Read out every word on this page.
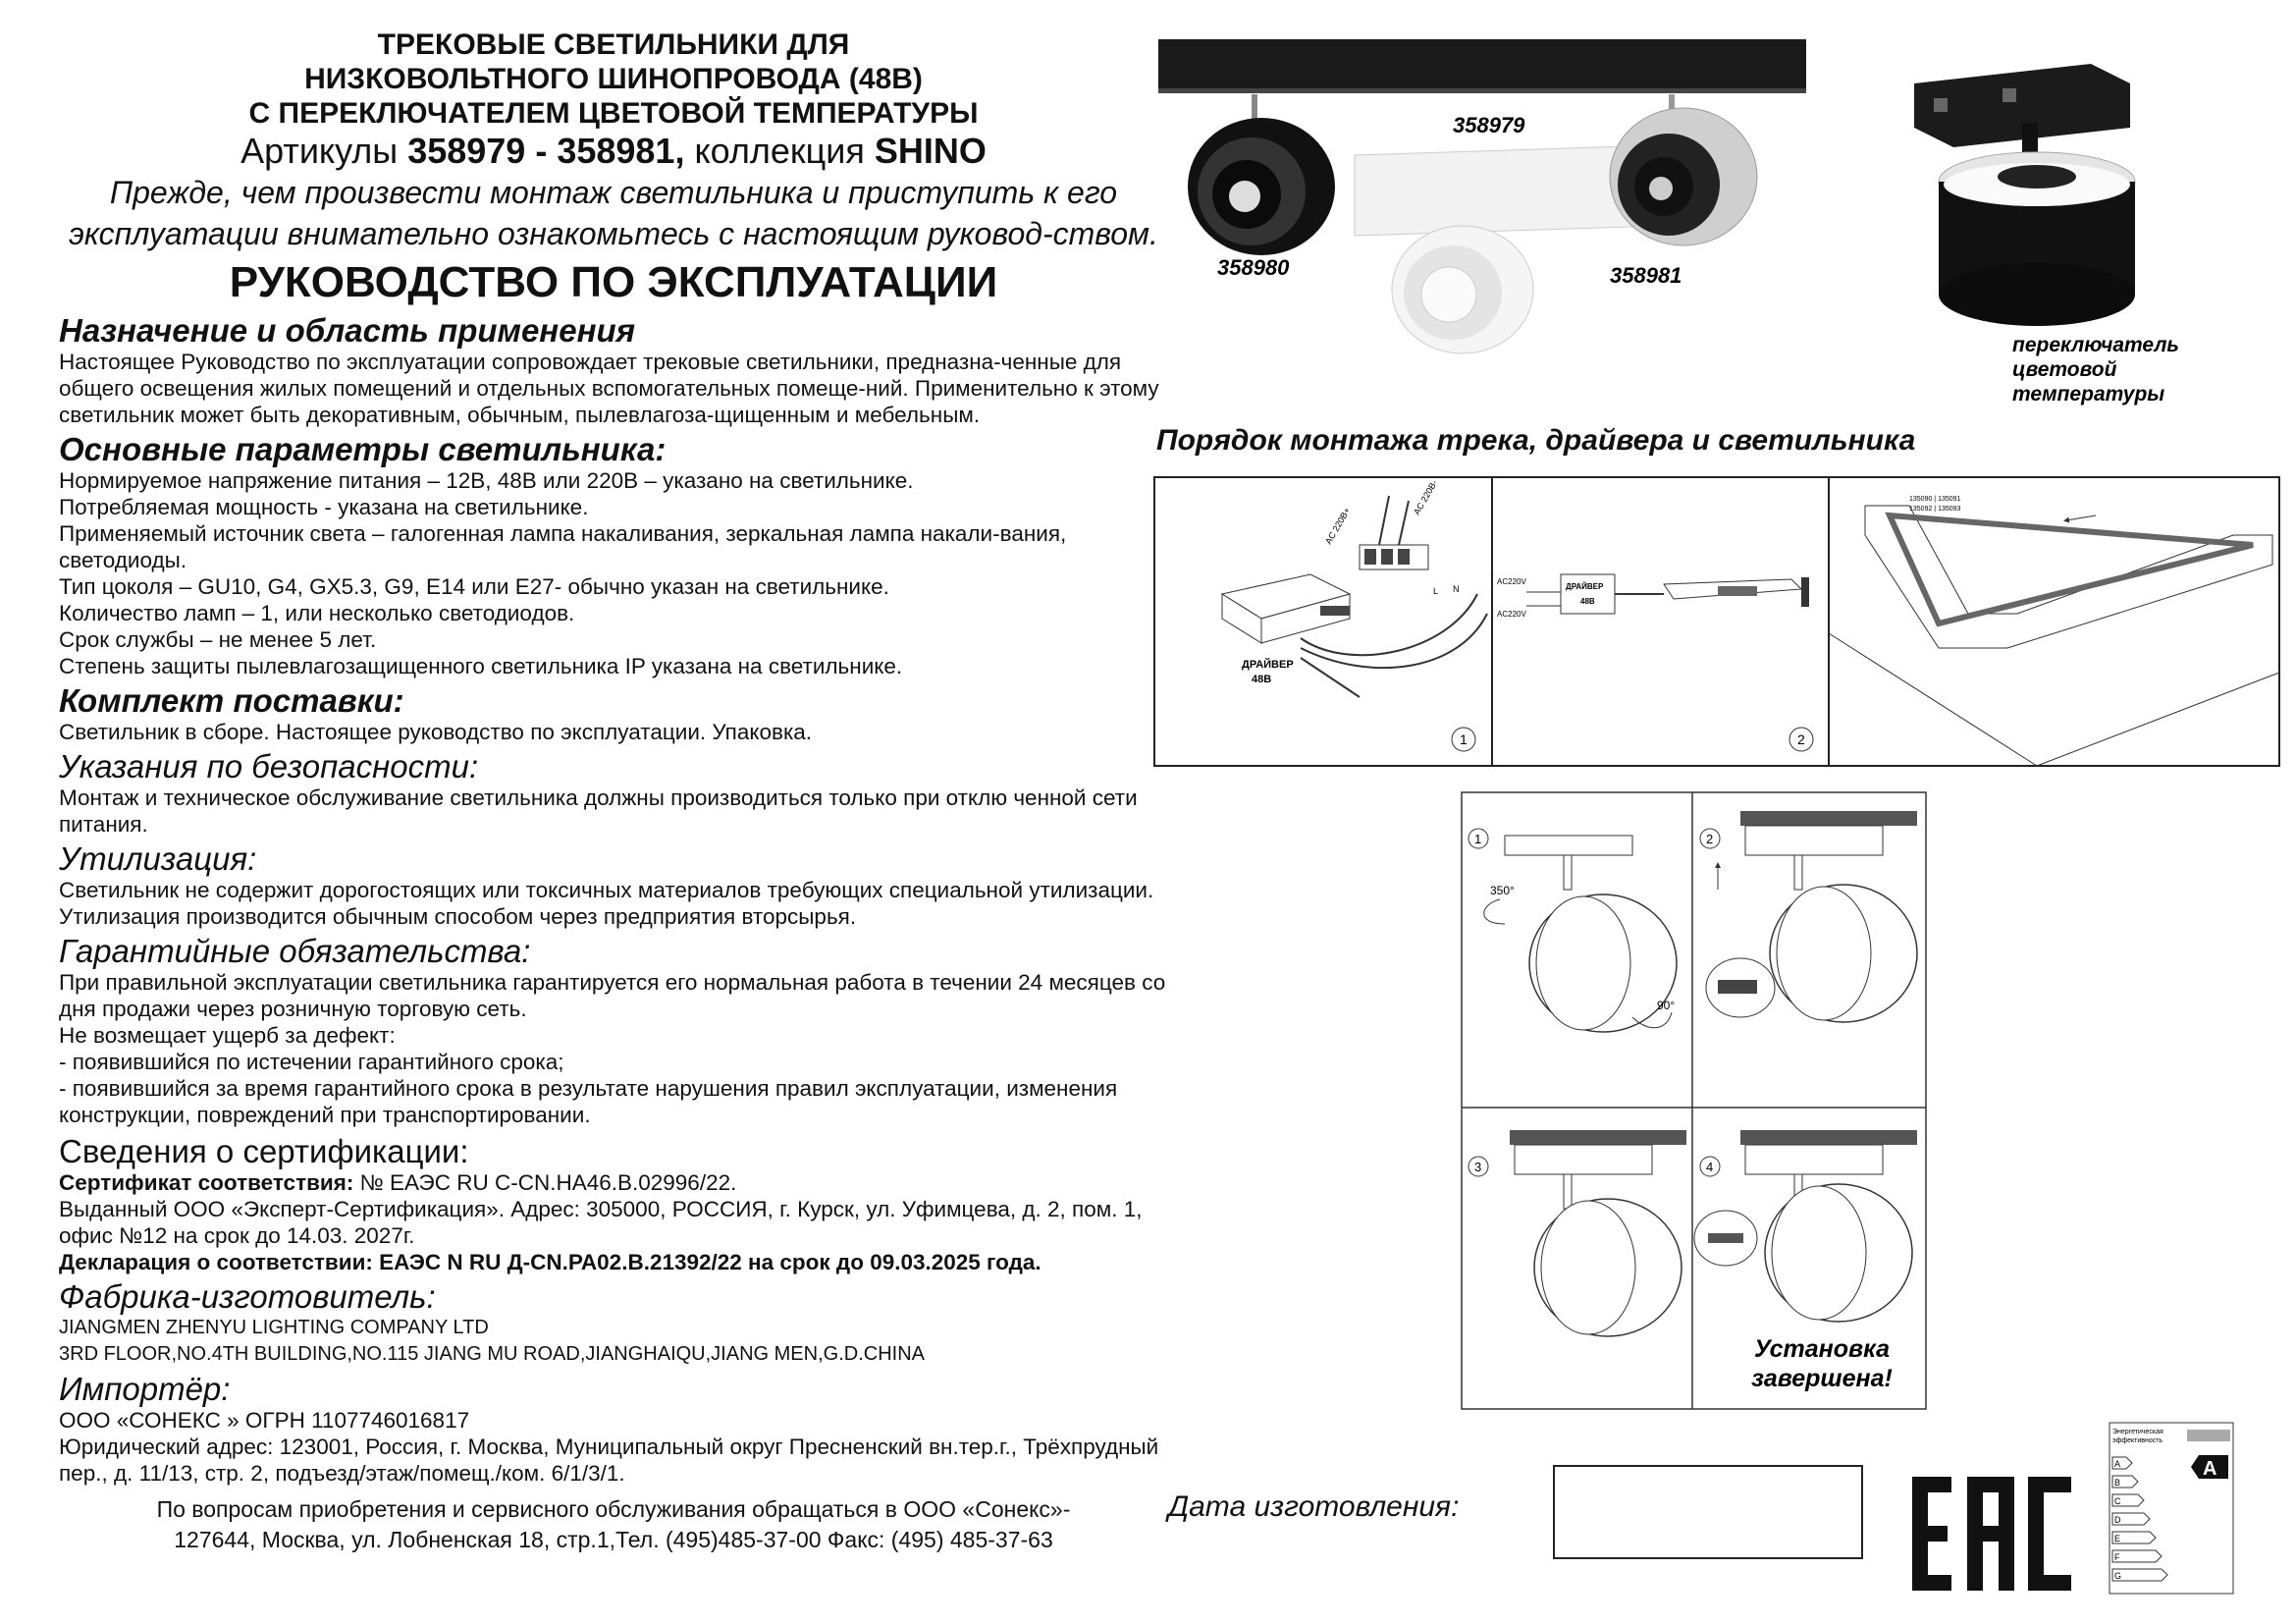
ТРЕКОВЫЕ СВЕТИЛЬНИКИ ДЛЯ
НИЗКОВОЛЬТНОГО ШИНОПРОВОДА (48В)
С ПЕРЕКЛЮЧАТЕЛЕМ ЦВЕТОВОЙ ТЕМПЕРАТУРЫ
Артикулы 358979 - 358981, коллекция SHINO
Прежде, чем произвести монтаж светильника и приступить к его эксплуатации внимательно ознакомьтесь с настоящим руковод-ством.
РУКОВОДСТВО ПО ЭКСПЛУАТАЦИИ
Назначение и область применения
Настоящее Руководство по эксплуатации сопровождает трековые светильники, предназна-ченные для общего освещения жилых помещений и отдельных вспомогательных помеще-ний. Применительно к этому светильник может быть декоративным, обычным, пылевлагоза-щищенным и мебельным.
Основные параметры светильника:
Нормируемое напряжение питания – 12В, 48В или 220В – указано на светильнике.
Потребляемая мощность - указана на светильнике.
Применяемый источник света – галогенная лампа накаливания, зеркальная лампа накали-вания, светодиоды.
Тип цоколя – GU10, G4, GX5.3, G9, E14 или E27- обычно указан на светильнике.
Количество ламп – 1, или несколько светодиодов.
Срок службы – не менее 5 лет.
Степень защиты пылевлагозащищенного светильника IP указана на светильнике.
Комплект поставки:
Светильник в сборе. Настоящее руководство по эксплуатации. Упаковка.
Указания по безопасности:
Монтаж и техническое обслуживание светильника должны производиться только при отклю ченной сети питания.
Утилизация:
Светильник не содержит дорогостоящих или токсичных материалов требующих специальной утилизации. Утилизация производится обычным способом через предприятия вторсырья.
Гарантийные обязательства:
При правильной эксплуатации светильника гарантируется его нормальная работа в течении 24 месяцев со дня продажи через розничную торговую сеть.
Не возмещает ущерб за дефект:
- появившийся по истечении гарантийного срока;
- появившийся за время гарантийного срока в результате нарушения правил эксплуатации, изменения конструкции, повреждений при транспортировании.
Сведения о сертификации:
Сертификат соответствия: № ЕАЭС RU C-CN.НА46.В.02996/22.
Выданный ООО «Эксперт-Сертификация». Адрес: 305000, РОССИЯ, г. Курск, ул. Уфимцева, д. 2, пом. 1, офис №12 на срок до 14.03. 2027г.
Декларация о соответствии: ЕАЭС N RU Д-CN.РА02.В.21392/22 на срок до 09.03.2025 года.
Фабрика-изготовитель:
JIANGMEN ZHENYU LIGHTING COMPANY LTD
3RD FLOOR,NO.4TH BUILDING,NO.115 JIANG MU ROAD,JIANGHAIQU,JIANG MEN,G.D.CHINA
Импортёр:
ООО «СОНЕКС » ОГРН 1107746016817
Юридический адрес: 123001, Россия, г. Москва, Муниципальный округ Пресненский вн.тер.г., Трёхпрудный пер., д. 11/13, стр. 2, подъезд/этаж/помещ./ком. 6/1/3/1.
По вопросам приобретения и сервисного обслуживания обращаться в ООО «Сонекс»-
127644, Москва, ул. Лобненская 18, стр.1,Тел. (495)485-37-00 Факс: (495) 485-37-63
358979
358980	358981
переключатель
цветовой
температуры
Порядок монтажа трека, драйвера и светильника
ДРАЙВЕР
48В
AC 220В+
AC 220В-
L N
1
ДРАЙВЕР
48В
AC220V
AC220V
2
135090 | 135091
135092 | 135093
1
350°
90°
2
3	4
Установка
завершена!
Дата изготовления:
Энергетическая
эффективность
A
B
C
D
E
F
G
A
